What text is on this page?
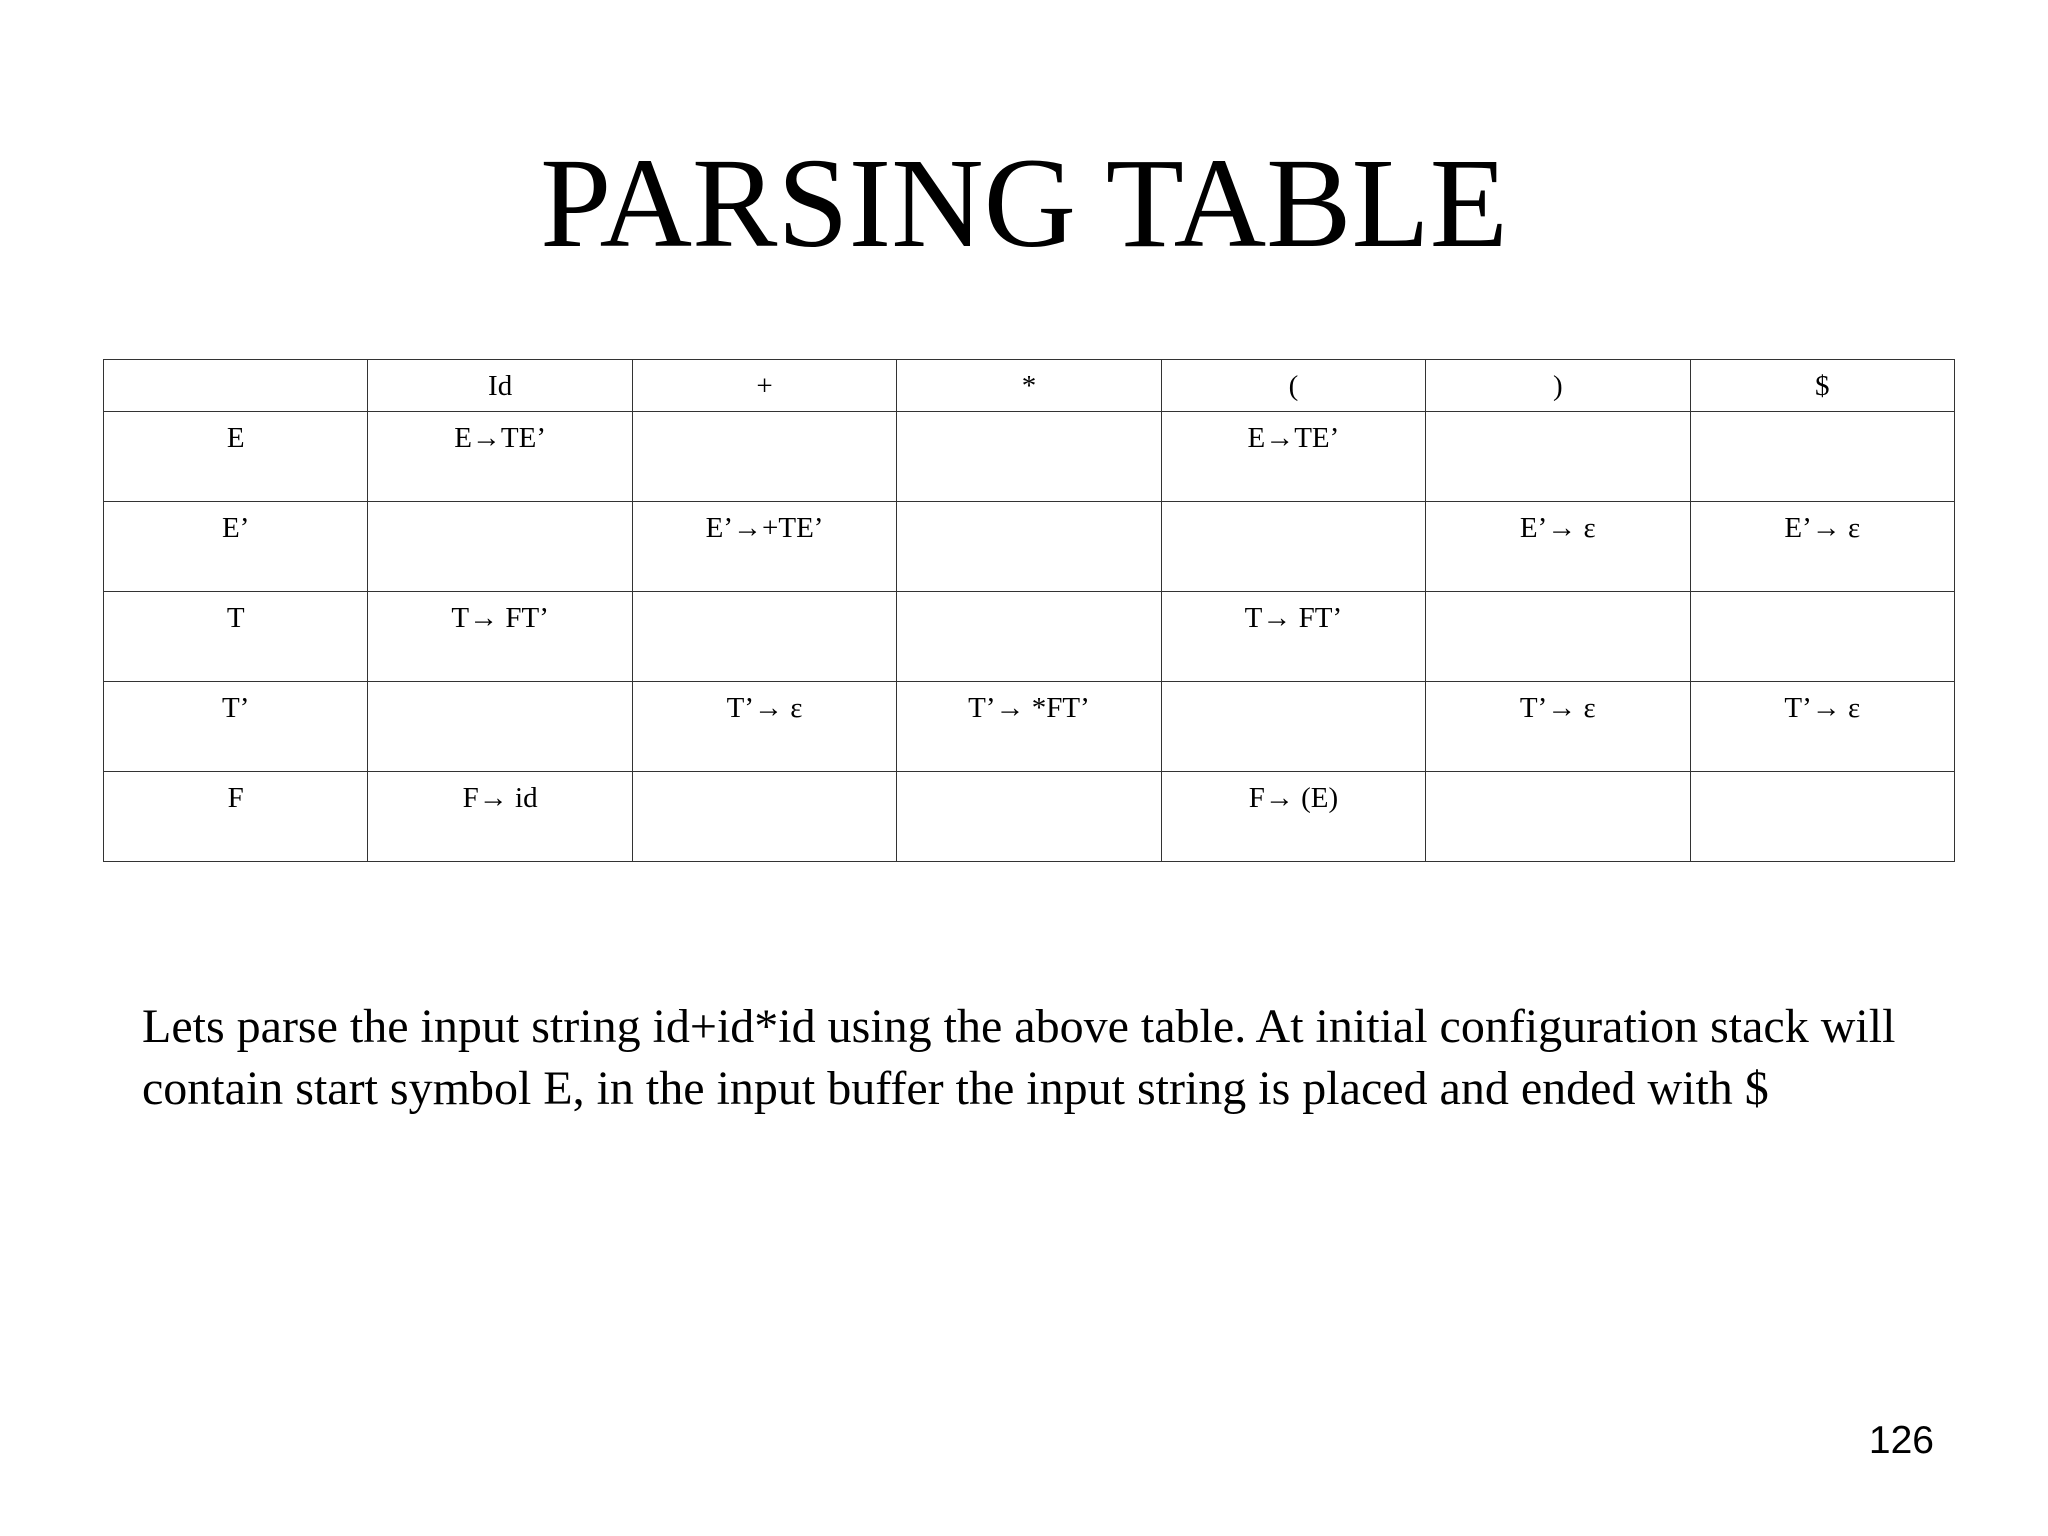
PARSING TABLE
	Id	+	*	(	)	$
E	E→TE’			E→TE’		
E’		E’→+TE’			E’→ ε	E’→ ε
T	T→ FT’			T→ FT’		
T’		T’→ ε	T’→ *FT’		T’→ ε	T’→ ε
F	F→ id			F→ (E)		

Lets parse the input string id+id*id using the above table. At initial configuration stack will contain start symbol E, in the input buffer the input string is placed and ended with $

126
